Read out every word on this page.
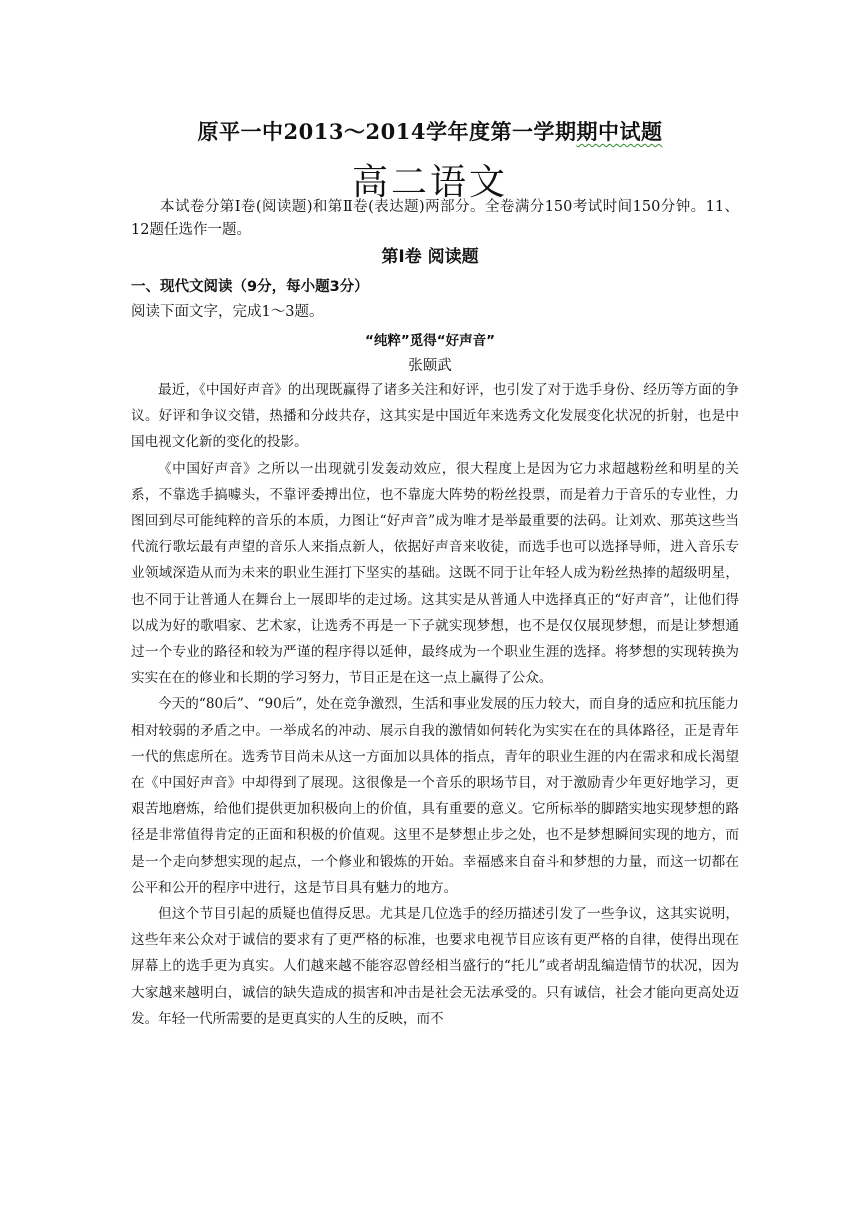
原平一中2013～2014学年度第一学期期中试题
高二语文
本试卷分第Ⅰ卷(阅读题)和第Ⅱ卷(表达题)两部分。全卷满分150考试时间150分钟。11、12题任选作一题。
第Ⅰ卷 阅读题
一、现代文阅读（9分，每小题3分）
阅读下面文字，完成1～3题。
“纯粹”觅得“好声音”
张颐武

最近，《中国好声音》的出现既赢得了诸多关注和好评，也引发了对于选手身份、经历等方面的争议。好评和争议交错，热播和分歧共存，这其实是中国近年来选秀文化发展变化状况的折射，也是中国电视文化新的变化的投影。

《中国好声音》之所以一出现就引发轰动效应，很大程度上是因为它力求超越粉丝和明星的关系，不靠选手搞噱头，不靠评委搏出位，也不靠庞大阵势的粉丝投票，而是着力于音乐的专业性，力图回到尽可能纯粹的音乐的本质，力图让“好声音”成为唯才是举最重要的法码。让刘欢、那英这些当代流行歌坛最有声望的音乐人来指点新人，依据好声音来收徒，而选手也可以选择导师，进入音乐专业领域深造从而为未来的职业生涯打下坚实的基础。这既不同于让年轻人成为粉丝热捧的超级明星，也不同于让普通人在舞台上一展即毕的走过场。这其实是从普通人中选择真正的“好声音”，让他们得以成为好的歌唱家、艺术家，让选秀不再是一下子就实现梦想，也不是仅仅展现梦想，而是让梦想通过一个专业的路径和较为严谨的程序得以延伸，最终成为一个职业生涯的选择。将梦想的实现转换为实实在在的修业和长期的学习努力，节目正是在这一点上赢得了公众。

今天的“80后”、“90后”，处在竞争激烈，生活和事业发展的压力较大，而自身的适应和抗压能力相对较弱的矛盾之中。一举成名的冲动、展示自我的激情如何转化为实实在在的具体路径，正是青年一代的焦虑所在。选秀节目尚未从这一方面加以具体的指点，青年的职业生涯的内在需求和成长渴望在《中国好声音》中却得到了展现。这很像是一个音乐的职场节目，对于激励青少年更好地学习，更艰苦地磨炼，给他们提供更加积极向上的价值，具有重要的意义。它所标举的脚踏实地实现梦想的路径是非常值得肯定的正面和积极的价值观。这里不是梦想止步之处，也不是梦想瞬间实现的地方，而是一个走向梦想实现的起点，一个修业和锻炼的开始。幸福感来自奋斗和梦想的力量，而这一切都在公平和公开的程序中进行，这是节目具有魅力的地方。

但这个节目引起的质疑也值得反思。尤其是几位选手的经历描述引发了一些争议，这其实说明，这些年来公众对于诚信的要求有了更严格的标准，也要求电视节目应该有更严格的自律，使得出现在屏幕上的选手更为真实。人们越来越不能容忍曾经相当盛行的“托儿”或者胡乱编造情节的状况，因为大家越来越明白，诚信的缺失造成的损害和冲击是社会无法承受的。只有诚信，社会才能向更高处迈发。年轻一代所需要的是更真实的人生的反映，而不
